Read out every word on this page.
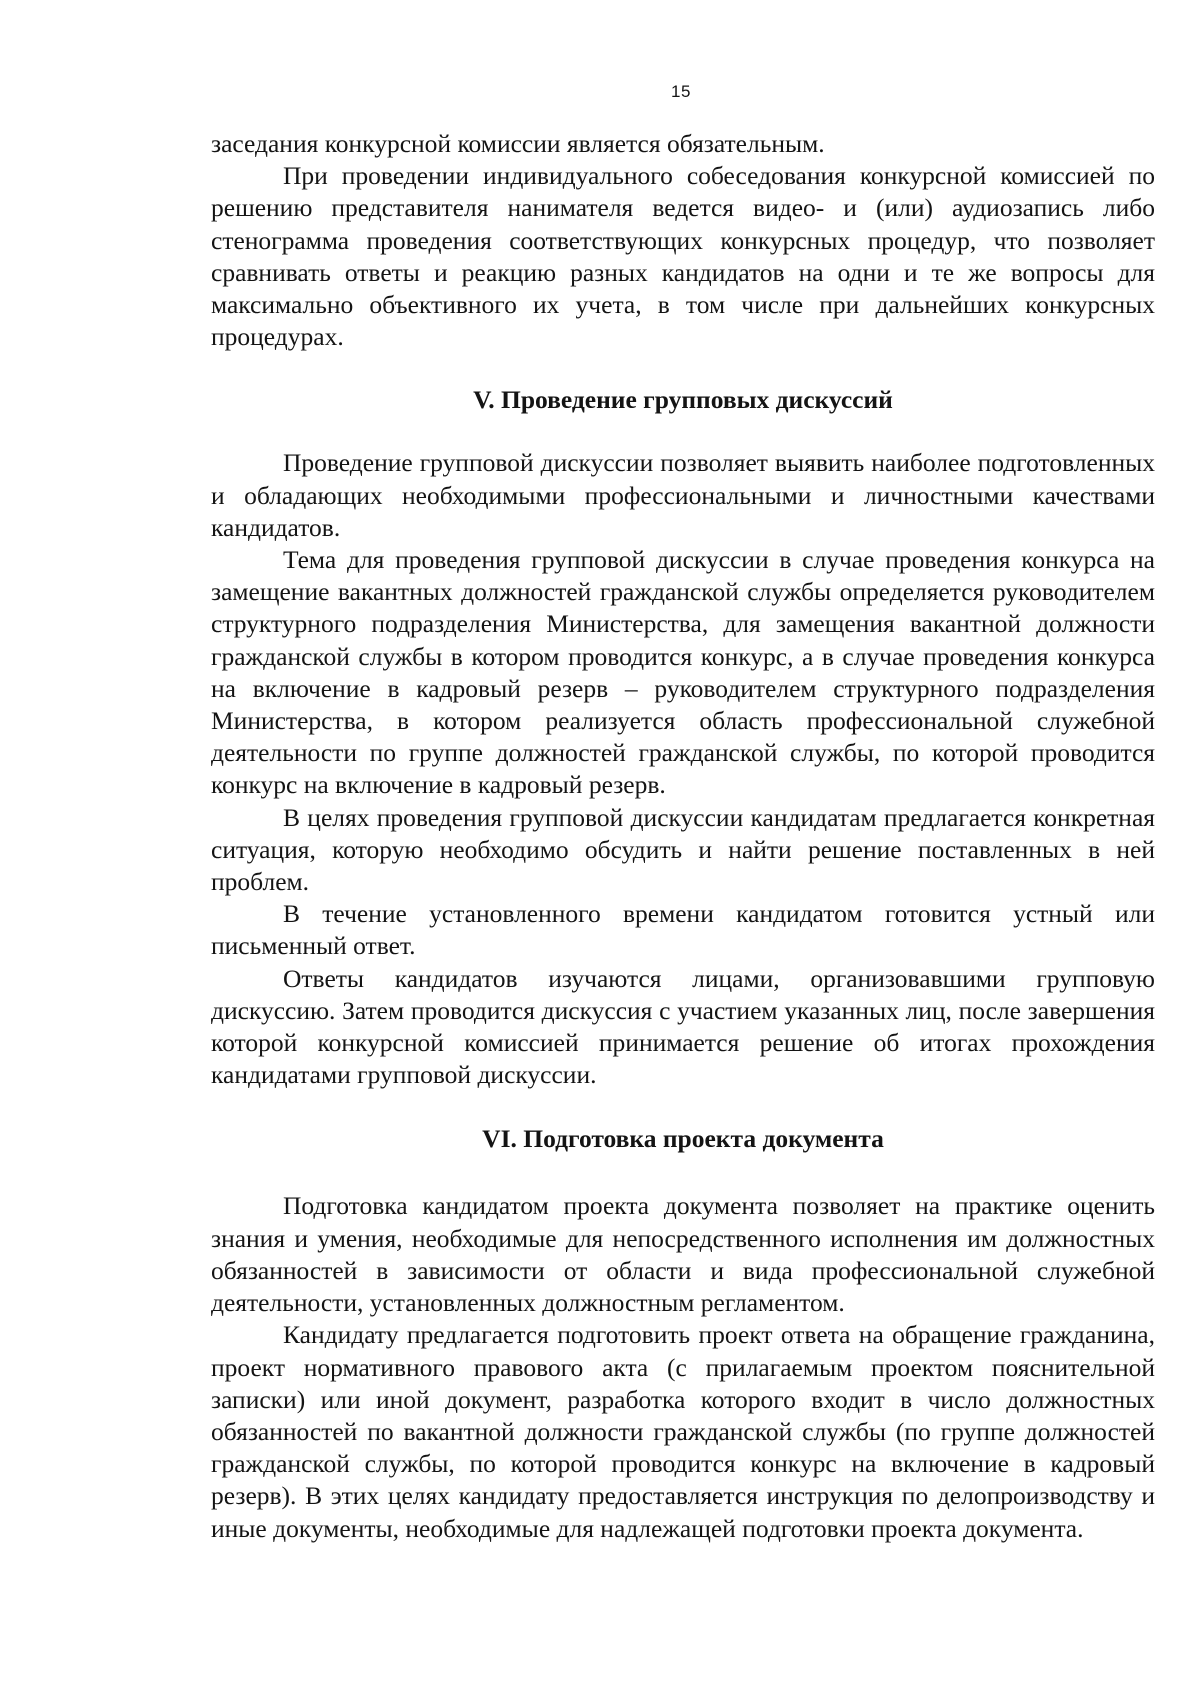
15

заседания конкурсной комиссии является обязательным.

При проведении индивидуального собеседования конкурсной комиссией по решению представителя нанимателя ведется видео- и (или) аудиозапись либо стенограмма проведения соответствующих конкурсных процедур, что позволяет сравнивать ответы и реакцию разных кандидатов на одни и те же вопросы для максимально объективного их учета, в том числе при дальнейших конкурсных процедурах.

V. Проведение групповых дискуссий

Проведение групповой дискуссии позволяет выявить наиболее подготовленных и обладающих необходимыми профессиональными и личностными качествами кандидатов.

Тема для проведения групповой дискуссии в случае проведения конкурса на замещение вакантных должностей гражданской службы определяется руководителем структурного подразделения Министерства, для замещения вакантной должности гражданской службы в котором проводится конкурс, а в случае проведения конкурса на включение в кадровый резерв – руководителем структурного подразделения Министерства, в котором реализуется область профессиональной служебной деятельности по группе должностей гражданской службы, по которой проводится конкурс на включение в кадровый резерв.

В целях проведения групповой дискуссии кандидатам предлагается конкретная ситуация, которую необходимо обсудить и найти решение поставленных в ней проблем.

В течение установленного времени кандидатом готовится устный или письменный ответ.

Ответы кандидатов изучаются лицами, организовавшими групповую дискуссию. Затем проводится дискуссия с участием указанных лиц, после завершения которой конкурсной комиссией принимается решение об итогах прохождения кандидатами групповой дискуссии.

VI. Подготовка проекта документа

Подготовка кандидатом проекта документа позволяет на практике оценить знания и умения, необходимые для непосредственного исполнения им должностных обязанностей в зависимости от области и вида профессиональной служебной деятельности, установленных должностным регламентом.

Кандидату предлагается подготовить проект ответа на обращение гражданина, проект нормативного правового акта (с прилагаемым проектом пояснительной записки) или иной документ, разработка которого входит в число должностных обязанностей по вакантной должности гражданской службы (по группе должностей гражданской службы, по которой проводится конкурс на включение в кадровый резерв). В этих целях кандидату предоставляется инструкция по делопроизводству и иные документы, необходимые для надлежащей подготовки проекта документа.
